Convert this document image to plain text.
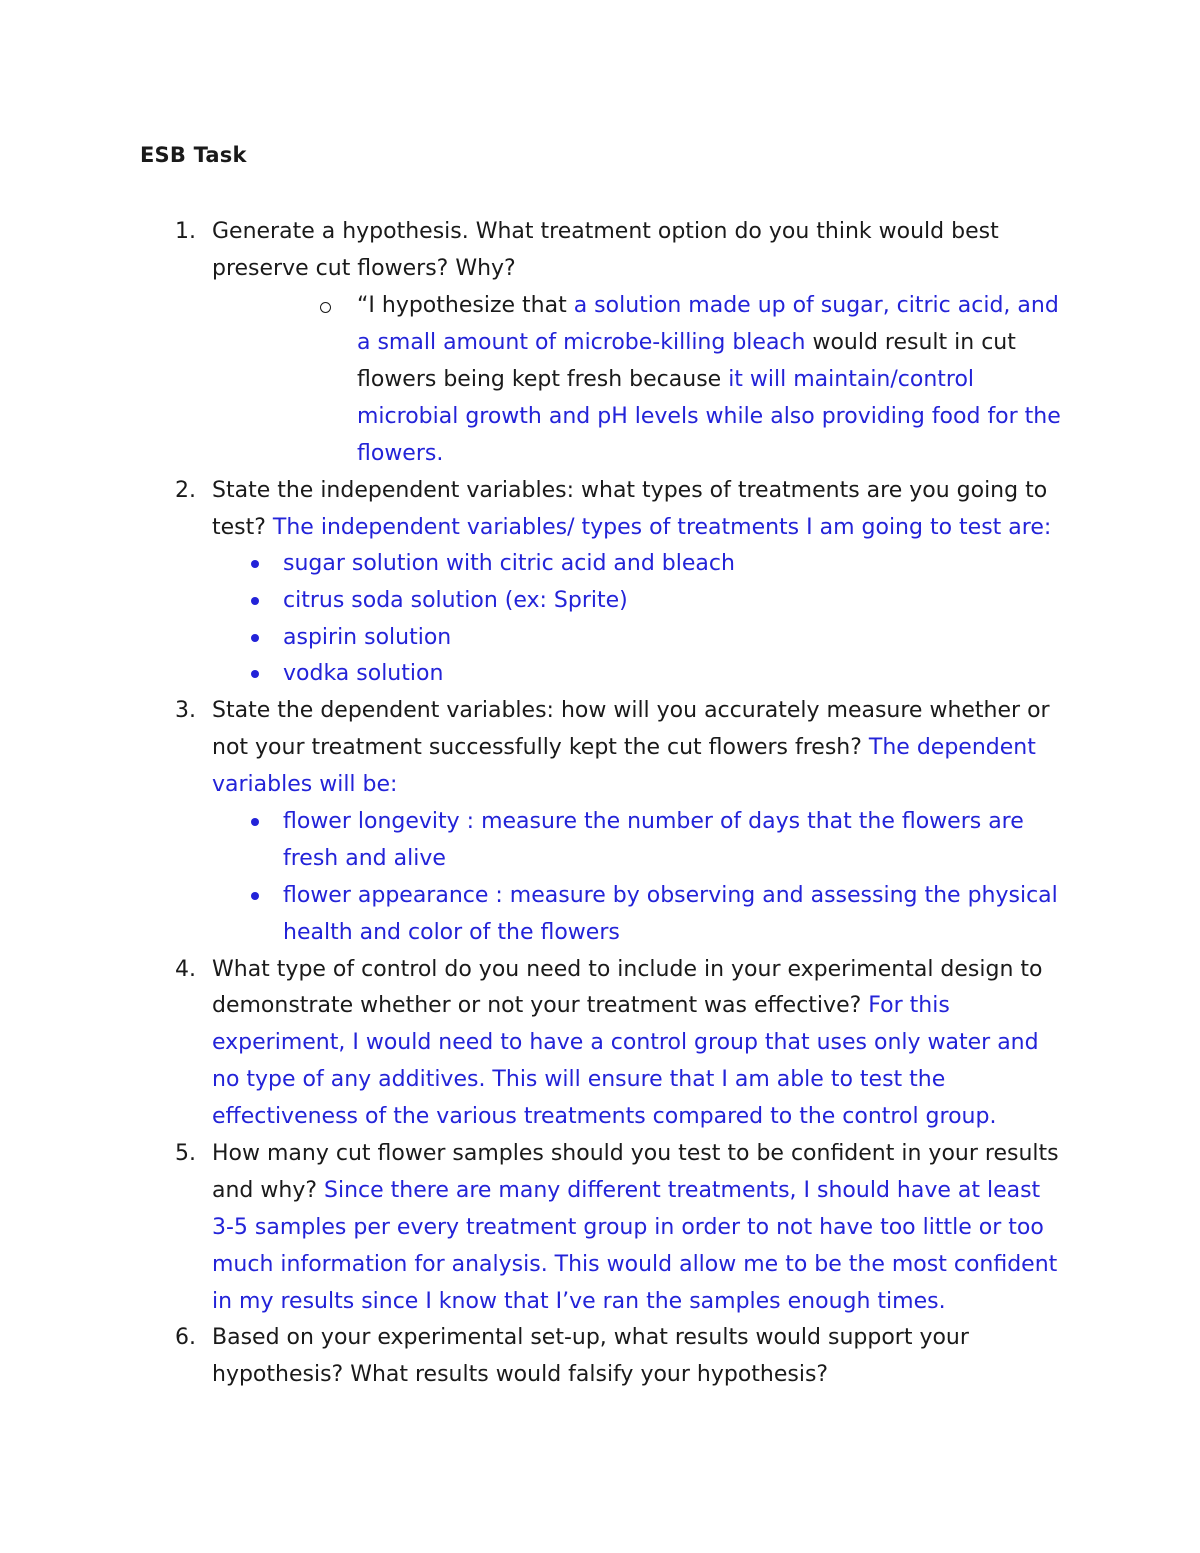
ESB Task
1. Generate a hypothesis. What treatment option do you think would best
preserve cut flowers? Why?
“I hypothesize that a solution made up of sugar, citric acid, and
a small amount of microbe-killing bleach would result in cut
flowers being kept fresh because it will maintain/control
microbial growth and pH levels while also providing food for the
flowers.
2. State the independent variables: what types of treatments are you going to
test? The independent variables/ types of treatments I am going to test are:
sugar solution with citric acid and bleach
citrus soda solution (ex: Sprite)
aspirin solution
vodka solution
3. State the dependent variables: how will you accurately measure whether or
not your treatment successfully kept the cut flowers fresh? The dependent
variables will be:
flower longevity : measure the number of days that the flowers are
fresh and alive
flower appearance : measure by observing and assessing the physical
health and color of the flowers
4. What type of control do you need to include in your experimental design to
demonstrate whether or not your treatment was effective? For this
experiment, I would need to have a control group that uses only water and
no type of any additives. This will ensure that I am able to test the
effectiveness of the various treatments compared to the control group.
5. How many cut flower samples should you test to be confident in your results
and why? Since there are many different treatments, I should have at least
3-5 samples per every treatment group in order to not have too little or too
much information for analysis. This would allow me to be the most confident
in my results since I know that I’ve ran the samples enough times.
6. Based on your experimental set-up, what results would support your
hypothesis? What results would falsify your hypothesis?
